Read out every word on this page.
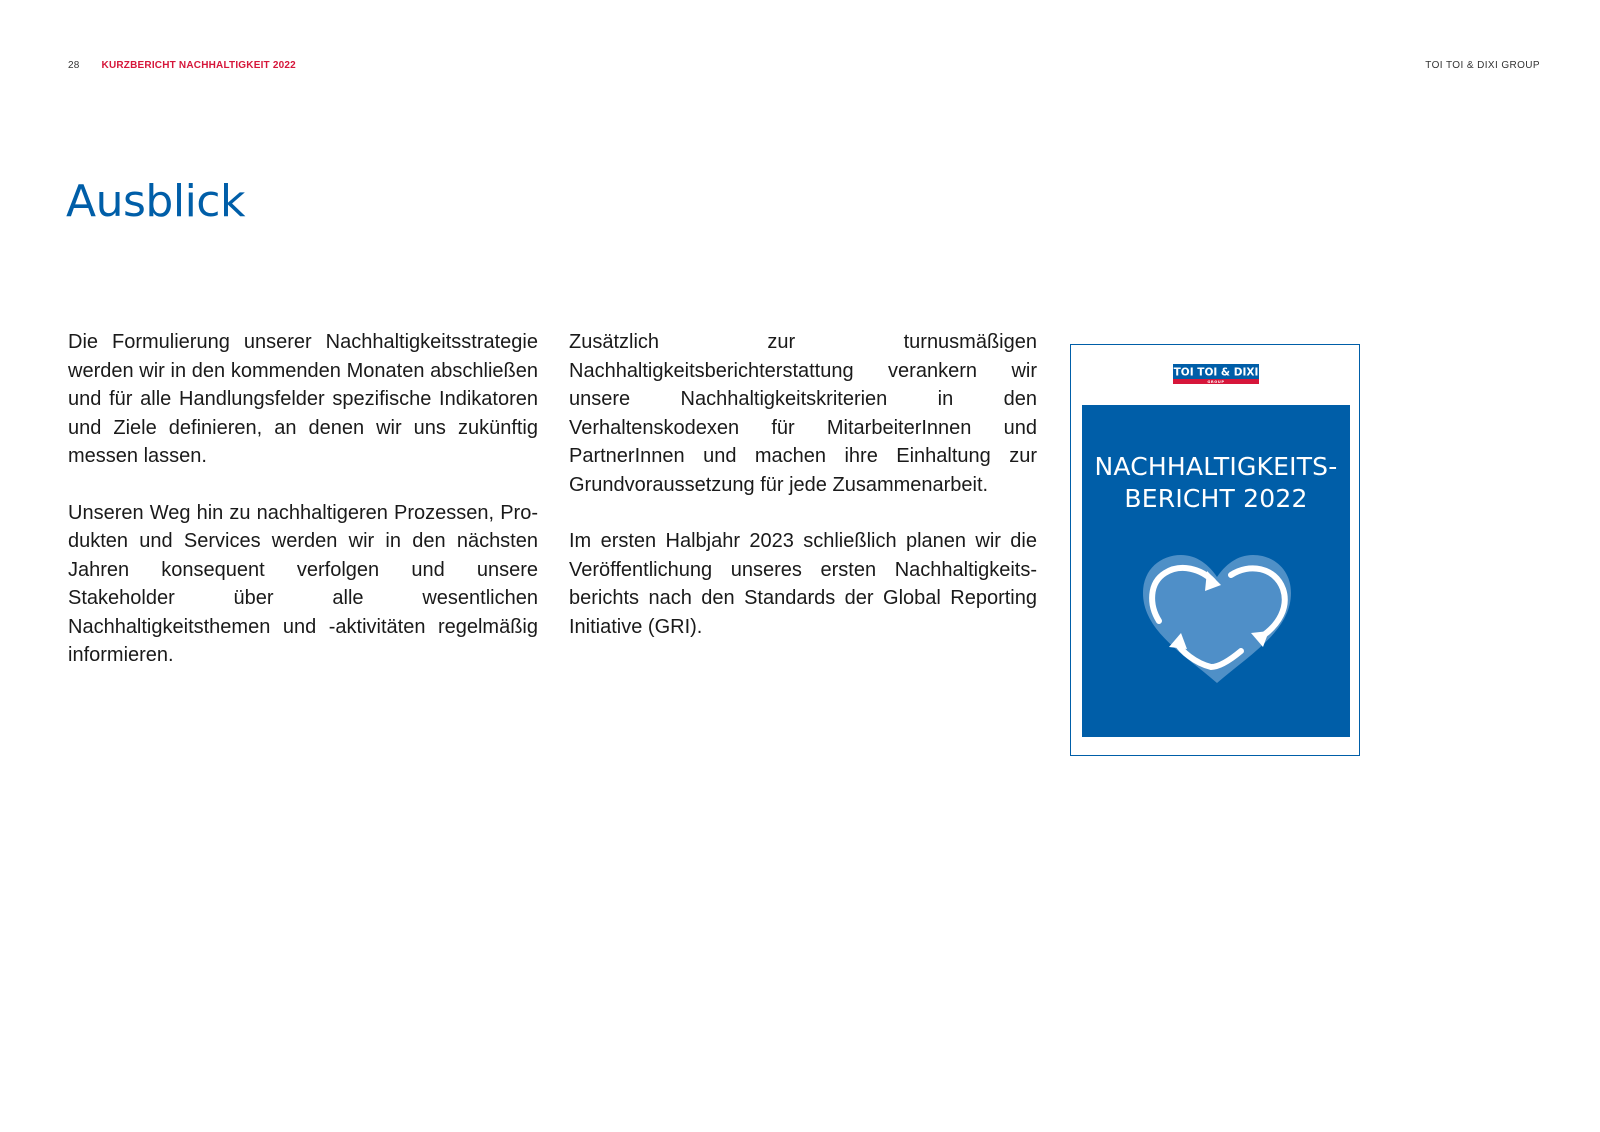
28 KURZBERICHT NACHHALTIGKEIT 2022	TOI TOI & DIXI GROUP
Ausblick

Die Formulierung unserer Nachhaltigkeitsstrategie werden wir in den kommenden Monaten abschließen und für alle Handlungsfelder spezifische Indikatoren und Ziele definieren, an denen wir uns zukünftig messen lassen.

Unseren Weg hin zu nachhaltigeren Prozessen, Produkten und Services werden wir in den nächsten Jahren konsequent verfolgen und unsere Stakeholder über alle wesentlichen Nachhaltigkeitsthemen und -aktivitäten regelmäßig informieren.

Zusätzlich zur turnusmäßigen Nachhaltigkeitsberichterstattung verankern wir unsere Nachhaltigkeitskriterien in den Verhaltenskodexen für MitarbeiterInnen und PartnerInnen und machen ihre Einhaltung zur Grundvoraussetzung für jede Zusammenarbeit.

Im ersten Halbjahr 2023 schließlich planen wir die Veröffentlichung unseres ersten Nachhaltigkeitsberichts nach den Standards der Global Reporting Initiative (GRI).

TOI TOI & DIXI
GROUP
NACHHALTIGKEITS-
BERICHT 2022
